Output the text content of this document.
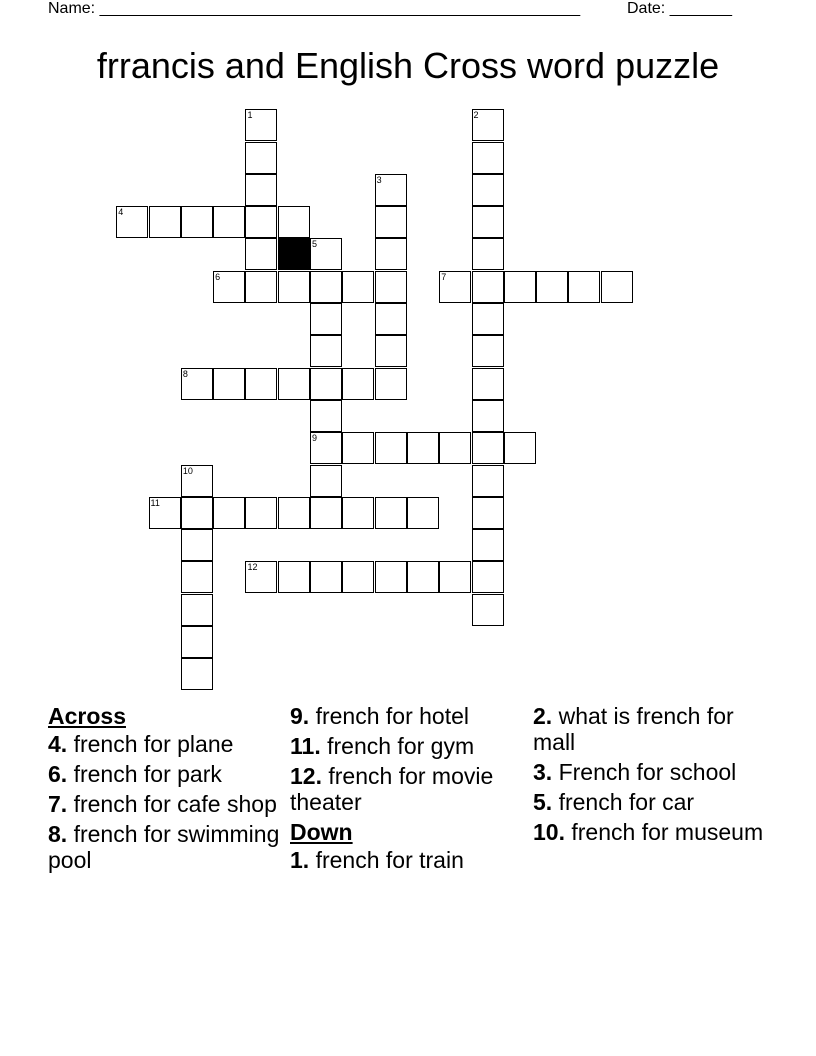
Name: ______________________________________________________	Date: _______
frrancis and English Cross word puzzle
4
6	7
8
9
11
12
1	2
3
5
10
Across
4. french for plane
6. french for park
7. french for cafe shop
8. french for swimming pool
9. french for hotel
11. french for gym
12. french for movie theater
Down
1. french for train
2. what is french for mall
3. French for school
5. french for car
10. french for museum
